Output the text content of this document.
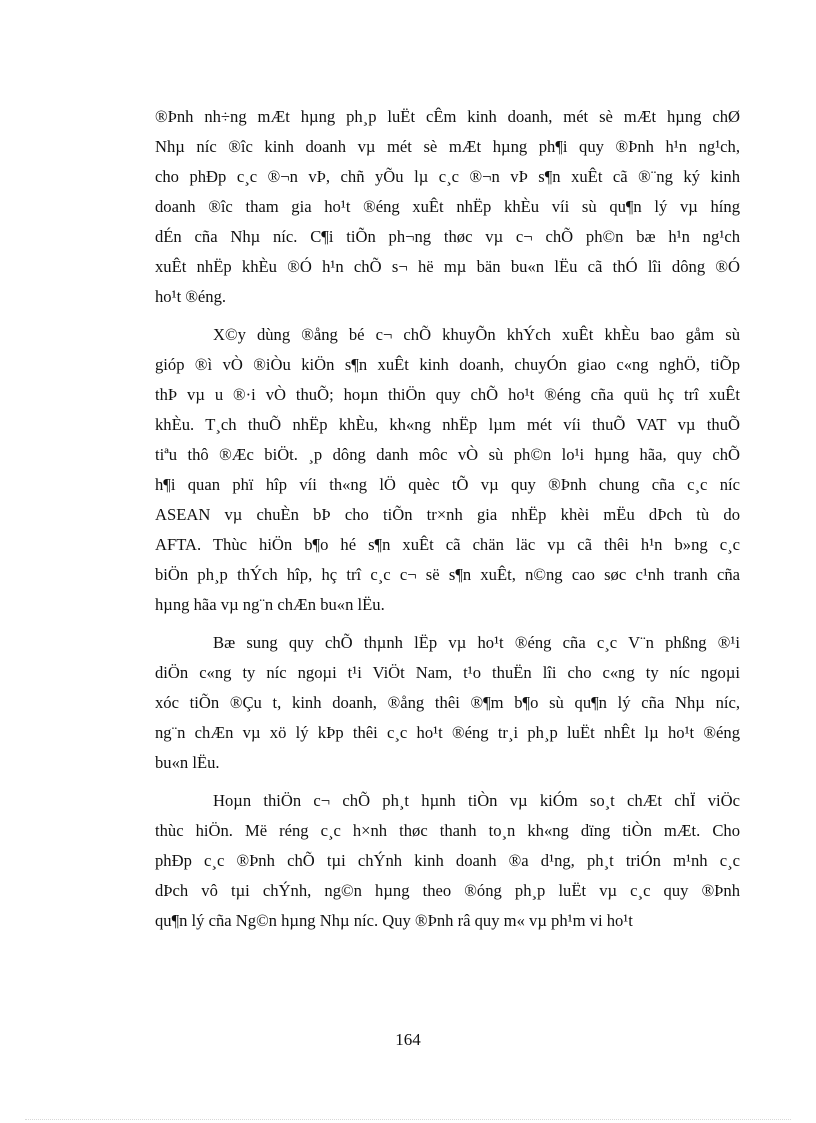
®Þnh nh÷ng mÆt hµng ph¸p luËt cÊm kinh doanh, mét sè mÆt hµng chØ
Nhµ níc ®îc kinh doanh vµ mét sè mÆt hµng ph¶i quy ®Þnh h¹n ng¹ch,
cho phÐp c¸c ®¬n vÞ, chñ yÕu lµ c¸c ®¬n vÞ s¶n xuÊt cã ®¨ng ký kinh
doanh ®îc tham gia ho¹t ®éng xuÊt nhËp khÈu víi sù qu¶n lý vµ híng
dÉn cña Nhµ níc. C¶i tiÕn ph¬ng thøc vµ c¬ chÕ ph©n bæ h¹n ng¹ch
xuÊt nhËp khÈu ®Ó h¹n chÕ s¬ hë mµ bän bu«n lËu cã thÓ lîi dông ®Ó
ho¹t ®éng.
X©y dùng ®ång bé c¬ chÕ khuyÕn khÝch xuÊt khÈu bao gåm sù
gióp ®ì vÒ ®iÒu kiÖn s¶n xuÊt kinh doanh, chuyÓn giao c«ng nghÖ, tiÕp
thÞ vµ u ®·i vÒ thuÕ; hoµn thiÖn quy chÕ ho¹t ®éng cña quü hç trî xuÊt
khÈu. T¸ch thuÕ nhËp khÈu, kh«ng nhËp lµm mét víi thuÕ VAT vµ thuÕ
tiªu thô ®Æc biÖt. ¸p dông danh môc vÒ sù ph©n lo¹i hµng hãa, quy chÕ
h¶i quan phï hîp víi th«ng lÖ quèc tÕ vµ quy ®Þnh chung cña c¸c níc
ASEAN vµ chuÈn bÞ cho tiÕn tr×nh gia nhËp khèi mËu dÞch tù do
AFTA. Thùc hiÖn b¶o hé s¶n xuÊt cã chän läc vµ cã thêi h¹n b»ng c¸c
biÖn ph¸p thÝch hîp, hç trî c¸c c¬ së s¶n xuÊt, n©ng cao søc c¹nh tranh cña
hµng hãa vµ ng¨n chÆn bu«n lËu.
Bæ sung quy chÕ thµnh lËp vµ ho¹t ®éng cña c¸c V¨n phßng ®¹i
diÖn c«ng ty níc ngoµi t¹i ViÖt Nam, t¹o thuËn lîi cho c«ng ty níc ngoµi
xóc tiÕn ®Çu t, kinh doanh, ®ång thêi ®¶m b¶o sù qu¶n lý cña Nhµ níc,
ng¨n chÆn vµ xö lý kÞp thêi c¸c ho¹t ®éng tr¸i ph¸p luËt nhÊt lµ ho¹t ®éng
bu«n lËu.
Hoµn thiÖn c¬ chÕ ph¸t hµnh tiÒn vµ kiÓm so¸t chÆt chÏ viÖc
thùc hiÖn. Më réng c¸c h×nh thøc thanh to¸n kh«ng dïng tiÒn mÆt. Cho
phÐp c¸c ®Þnh chÕ tµi chÝnh kinh doanh ®a d¹ng, ph¸t triÓn m¹nh c¸c
dÞch vô tµi chÝnh, ng©n hµng theo ®óng ph¸p luËt vµ c¸c quy ®Þnh
qu¶n lý cña Ng©n hµng Nhµ níc. Quy ®Þnh râ quy m« vµ ph¹m vi ho¹t
164
